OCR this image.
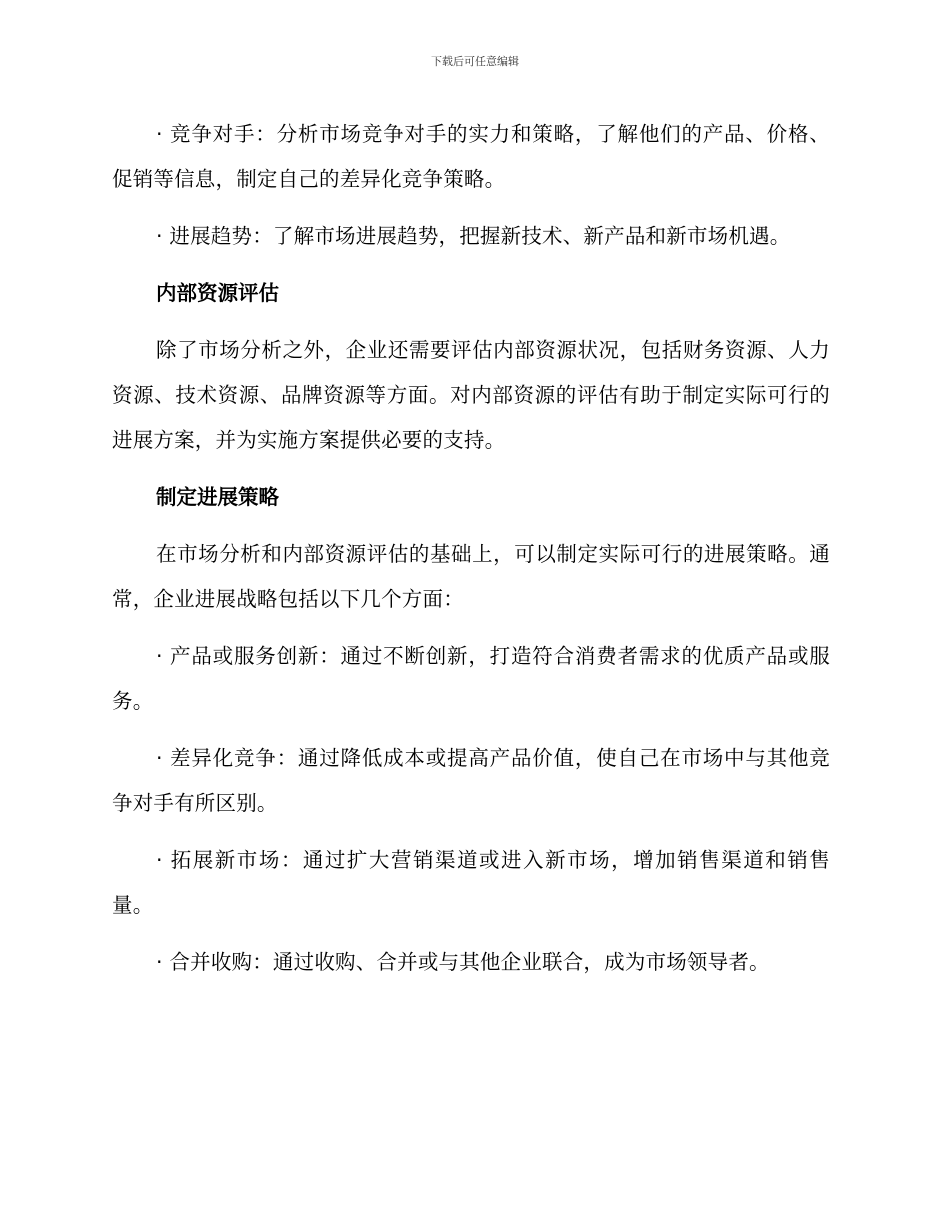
下载后可任意编辑

· 竞争对手：分析市场竞争对手的实力和策略，了解他们的产品、价格、促销等信息，制定自己的差异化竞争策略。

· 进展趋势：了解市场进展趋势，把握新技术、新产品和新市场机遇。

内部资源评估

除了市场分析之外，企业还需要评估内部资源状况，包括财务资源、人力资源、技术资源、品牌资源等方面。对内部资源的评估有助于制定实际可行的进展方案，并为实施方案提供必要的支持。

制定进展策略

在市场分析和内部资源评估的基础上，可以制定实际可行的进展策略。通常，企业进展战略包括以下几个方面：

· 产品或服务创新：通过不断创新，打造符合消费者需求的优质产品或服务。

· 差异化竞争：通过降低成本或提高产品价值，使自己在市场中与其他竞争对手有所区别。

· 拓展新市场：通过扩大营销渠道或进入新市场，增加销售渠道和销售量。

· 合并收购：通过收购、合并或与其他企业联合，成为市场领导者。
